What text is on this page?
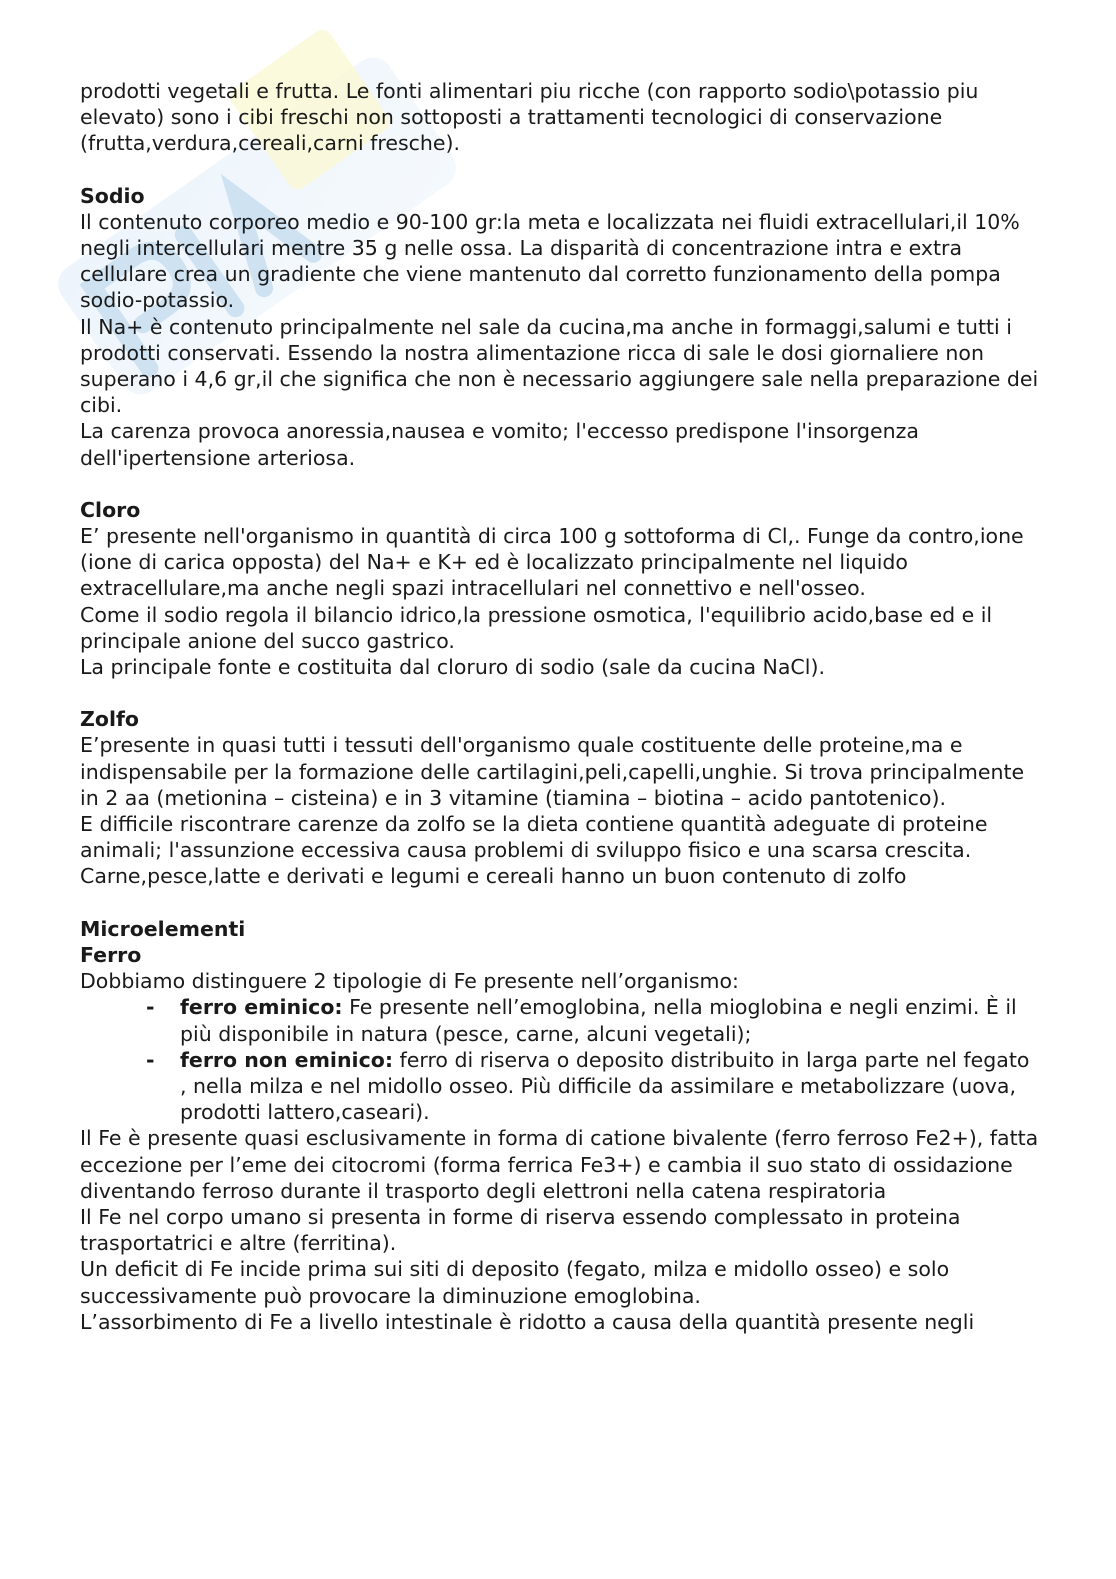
prodotti vegetali e frutta. Le fonti alimentari piu ricche (con rapporto sodio\potassio piu elevato) sono i cibi freschi non sottoposti a trattamenti tecnologici di conservazione (frutta,verdura,cereali,carni fresche).

Sodio

Il contenuto corporeo medio e 90-100 gr:la meta e localizzata nei fluidi extracellulari,il 10% negli intercellulari mentre 35 g nelle ossa. La disparità di concentrazione intra e extra cellulare crea un gradiente che viene mantenuto dal corretto funzionamento della pompa sodio-potassio.

Il Na+ è contenuto principalmente nel sale da cucina,ma anche in formaggi,salumi e tutti i prodotti conservati. Essendo la nostra alimentazione ricca di sale le dosi giornaliere non superano i 4,6 gr,il che significa che non è necessario aggiungere sale nella preparazione dei cibi.

La carenza provoca anoressia,nausea e vomito; l'eccesso predispone l'insorgenza dell'ipertensione arteriosa.

Cloro

E’ presente nell'organismo in quantità di circa 100 g sottoforma di Cl,. Funge da contro,ione (ione di carica opposta) del Na+ e K+ ed è localizzato principalmente nel liquido extracellulare,ma anche negli spazi intracellulari nel connettivo e nell'osseo.

Come il sodio regola il bilancio idrico,la pressione osmotica, l'equilibrio acido,base ed e il principale anione del succo gastrico.

La principale fonte e costituita dal cloruro di sodio (sale da cucina NaCl).

Zolfo

E’presente in quasi tutti i tessuti dell'organismo quale costituente delle proteine,ma e indispensabile per la formazione delle cartilagini,peli,capelli,unghie. Si trova principalmente in 2 aa (metionina – cisteina) e in 3 vitamine (tiamina – biotina – acido pantotenico).

E difficile riscontrare carenze da zolfo se la dieta contiene quantità adeguate di proteine animali; l'assunzione eccessiva causa problemi di sviluppo fisico e una scarsa crescita.

Carne,pesce,latte e derivati e legumi e cereali hanno un buon contenuto di zolfo

Microelementi
Ferro

Dobbiamo distinguere 2 tipologie di Fe presente nell’organismo:

- ferro eminico: Fe presente nell’emoglobina, nella mioglobina e negli enzimi. È il più disponibile in natura (pesce, carne, alcuni vegetali);
- ferro non eminico: ferro di riserva o deposito distribuito in larga parte nel fegato , nella milza e nel midollo osseo. Più difficile da assimilare e metabolizzare (uova, prodotti lattero,caseari).

Il Fe è presente quasi esclusivamente in forma di catione bivalente (ferro ferroso Fe2+), fatta eccezione per l’eme dei citocromi (forma ferrica Fe3+) e cambia il suo stato di ossidazione diventando ferroso durante il trasporto degli elettroni nella catena respiratoria

Il Fe nel corpo umano si presenta in forme di riserva essendo complessato in proteina trasportatrici e altre (ferritina).

Un deficit di Fe incide prima sui siti di deposito (fegato, milza e midollo osseo) e solo successivamente può provocare la diminuzione emoglobina.

L’assorbimento di Fe a livello intestinale è ridotto a causa della quantità presente negli
